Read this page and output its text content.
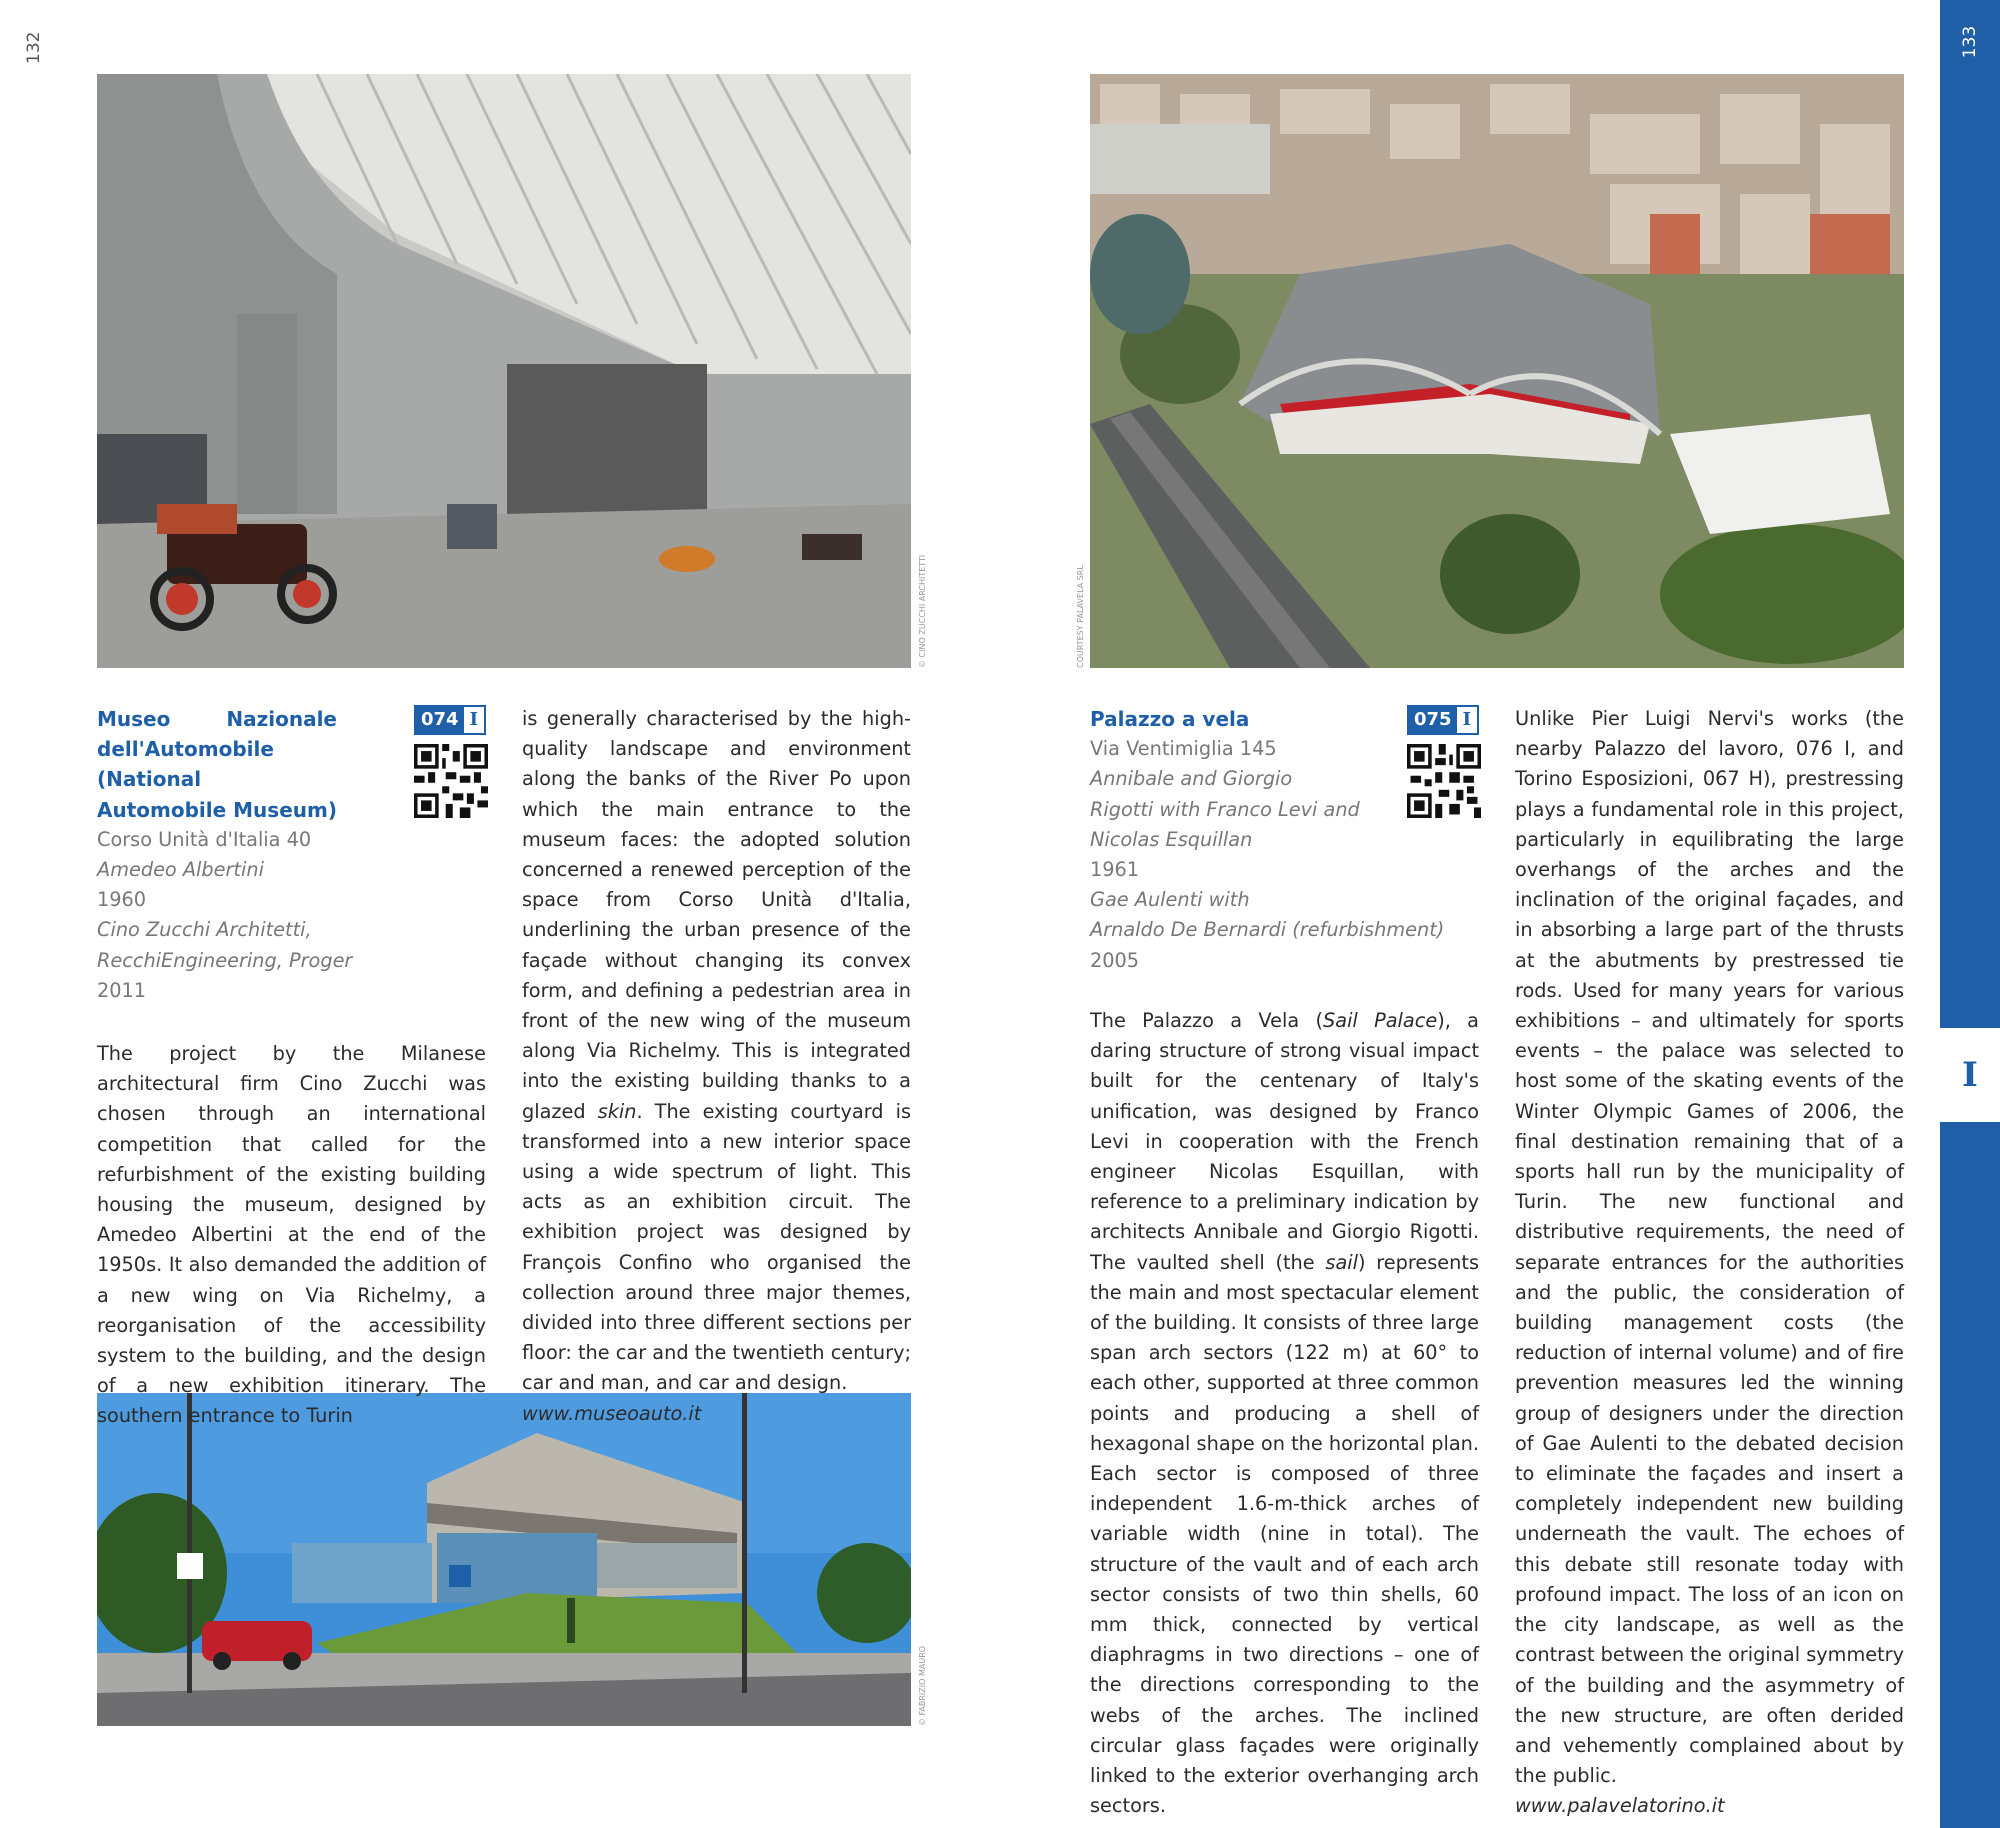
132
I
133
© CINO ZUCCHI ARCHITETTI	COURTESY PALAVELA SRL
© FABRIZIO MAURO
Museo Nazionale dell'Automobile (National Automobile Museum)
Corso Unità d'Italia 40
Amedeo Albertini
1960
Cino Zucchi Architetti, RecchiEngineering, Proger
2011
074 I

The project by the Milanese architectural firm Cino Zucchi was chosen through an international competition that called for the refurbishment of the existing building housing the museum, designed by Amedeo Albertini at the end of the 1950s. It also demanded the addition of a new wing on Via Richelmy, a reorganisation of the accessibility system to the building, and the design of a new exhibition itinerary. The southern entrance to Turin

is generally characterised by the high-quality landscape and environment along the banks of the River Po upon which the main entrance to the museum faces: the adopted solution concerned a renewed perception of the space from Corso Unità d'Italia, underlining the urban presence of the façade without changing its convex form, and defining a pedestrian area in front of the new wing of the museum along Via Richelmy. This is integrated into the existing building thanks to a glazed skin. The existing courtyard is transformed into a new interior space using a wide spectrum of light. This acts as an exhibition circuit. The exhibition project was designed by François Confino who organised the collection around three major themes, divided into three different sections per floor: the car and the twentieth century; car and man, and car and design.

www.museoauto.it

Palazzo a vela
Via Ventimiglia 145
Annibale and Giorgio Rigotti with Franco Levi and Nicolas Esquillan
1961
Gae Aulenti with
Arnaldo De Bernardi (refurbishment)
2005
075 I

The Palazzo a Vela (Sail Palace), a daring structure of strong visual impact built for the centenary of Italy's unification, was designed by Franco Levi in cooperation with the French engineer Nicolas Esquillan, with reference to a preliminary indication by architects Annibale and Giorgio Rigotti. The vaulted shell (the sail) represents the main and most spectacular element of the building. It consists of three large span arch sectors (122 m) at 60° to each other, supported at three common points and producing a shell of hexagonal shape on the horizontal plan. Each sector is composed of three independent 1.6-m-thick arches of variable width (nine in total). The structure of the vault and of each arch sector consists of two thin shells, 60 mm thick, connected by vertical diaphragms in two directions – one of the directions corresponding to the webs of the arches. The inclined circular glass façades were originally linked to the exterior overhanging arch sectors.

Unlike Pier Luigi Nervi's works (the nearby Palazzo del lavoro, 076 I, and Torino Esposizioni, 067 H), prestressing plays a fundamental role in this project, particularly in equilibrating the large overhangs of the arches and the inclination of the original façades, and in absorbing a large part of the thrusts at the abutments by prestressed tie rods. Used for many years for various exhibitions – and ultimately for sports events – the palace was selected to host some of the skating events of the Winter Olympic Games of 2006, the final destination remaining that of a sports hall run by the municipality of Turin. The new functional and distributive requirements, the need of separate entrances for the authorities and the public, the consideration of building management costs (the reduction of internal volume) and of fire prevention measures led the winning group of designers under the direction of Gae Aulenti to the debated decision to eliminate the façades and insert a completely independent new building underneath the vault. The echoes of this debate still resonate today with profound impact. The loss of an icon on the city landscape, as well as the contrast between the original symmetry of the building and the asymmetry of the new structure, are often derided and vehemently complained about by the public.

www.palavelatorino.it
